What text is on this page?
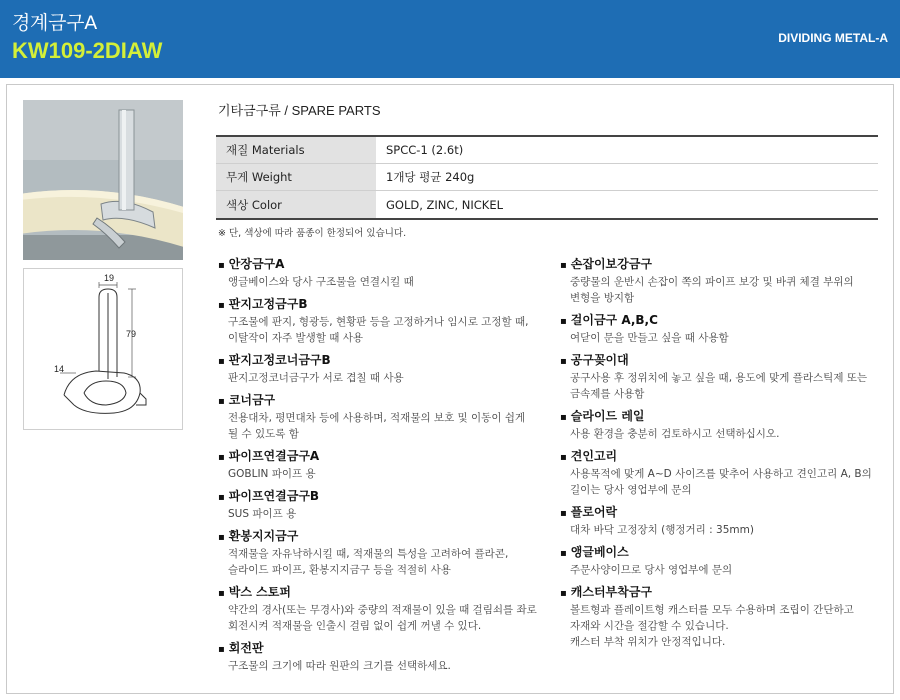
경계금구A
KW109-2DIAW	DIVIDING METAL-A
19
79
14
기타금구류 / SPARE PARTS
재질 Materials	SPCC-1 (2.6t)
무게 Weight	1개당 평균 240g
색상 Color	GOLD, ZINC, NICKEL
※ 단, 색상에 따라 품종이 한정되어 있습니다.
▪ 안장금구A
앵글베이스와 당사 구조물을 연결시킬 때
▪ 판지고정금구B
구조물에 판지, 형광등, 현황판 등을 고정하거나 임시로 고정할 때,
이탈작이 자주 발생할 때 사용
▪ 판지고정코너금구B
판지고정코너금구가 서로 겹칠 때 사용
▪ 코너금구
전용대차, 평면대차 등에 사용하며, 적재물의 보호 및 이동이 쉽게
될 수 있도록 함
▪ 파이프연결금구A
GOBLIN 파이프 용
▪ 파이프연결금구B
SUS 파이프 용
▪ 환봉지지금구
적재물을 자유낙하시킬 때, 적재물의 특성을 고려하여 플라콘,
슬라이드 파이프, 환봉지지금구 등을 적절히 사용
▪ 박스 스토퍼
약간의 경사(또는 무경사)와 중량의 적재물이 있을 때 걸림쇠를 좌로
회전시켜 적재물을 인출시 걸림 없이 쉽게 꺼낼 수 있다.
▪ 회전판
구조물의 크기에 따라 원판의 크기를 선택하세요.
▪ 손잡이보강금구
중량물의 운반시 손잡이 쪽의 파이프 보강 및 바퀴 체결 부위의
변형을 방지함
▪ 걸이금구 A,B,C
여닫이 문을 만들고 싶을 때 사용함
▪ 공구꽂이대
공구사용 후 정위치에 놓고 싶을 때, 용도에 맞게 플라스틱제 또는
금속제를 사용함
▪ 슬라이드 레일
사용 환경을 충분히 검토하시고 선택하십시오.
▪ 견인고리
사용목적에 맞게 A~D 사이즈를 맞추어 사용하고 견인고리 A, B의
길이는 당사 영업부에 문의
▪ 플로어락
대차 바닥 고정장치 (행정거리 : 35mm)
▪ 앵글베이스
주문사양이므로 당사 영업부에 문의
▪ 캐스터부착금구
볼트형과 플레이트형 캐스터를 모두 수용하며 조립이 간단하고
자재와 시간을 절감할 수 있습니다.
캐스터 부착 위치가 안정적입니다.
